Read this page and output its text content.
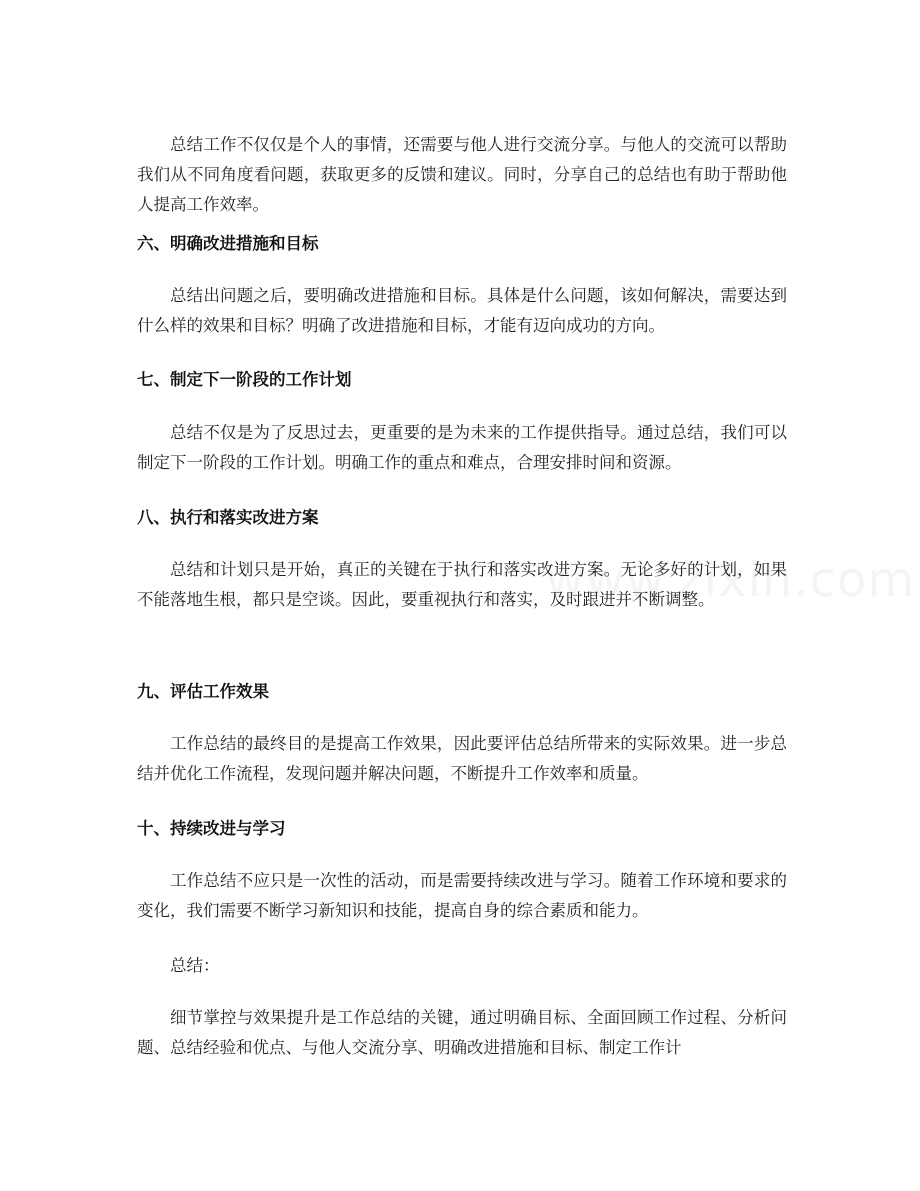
总结工作不仅仅是个人的事情，还需要与他人进行交流分享。与他人的交流可以帮助我们从不同角度看问题，获取更多的反馈和建议。同时，分享自己的总结也有助于帮助他人提高工作效率。

六、明确改进措施和目标

总结出问题之后，要明确改进措施和目标。具体是什么问题，该如何解决，需要达到什么样的效果和目标？明确了改进措施和目标，才能有迈向成功的方向。

七、制定下一阶段的工作计划

总结不仅是为了反思过去，更重要的是为未来的工作提供指导。通过总结，我们可以制定下一阶段的工作计划。明确工作的重点和难点，合理安排时间和资源。

八、执行和落实改进方案

总结和计划只是开始，真正的关键在于执行和落实改进方案。无论多好的计划，如果不能落地生根，都只是空谈。因此，要重视执行和落实，及时跟进并不断调整。

九、评估工作效果

工作总结的最终目的是提高工作效果，因此要评估总结所带来的实际效果。进一步总结并优化工作流程，发现问题并解决问题，不断提升工作效率和质量。

十、持续改进与学习

工作总结不应只是一次性的活动，而是需要持续改进与学习。随着工作环境和要求的变化，我们需要不断学习新知识和技能，提高自身的综合素质和能力。

总结：

细节掌控与效果提升是工作总结的关键，通过明确目标、全面回顾工作过程、分析问题、总结经验和优点、与他人交流分享、明确改进措施和目标、制定工作计
